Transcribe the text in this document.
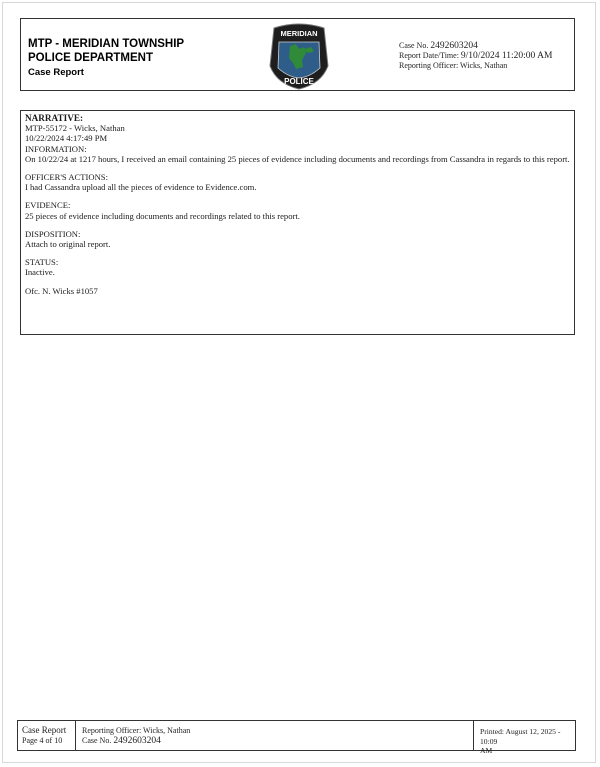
MTP - MERIDIAN TOWNSHIP
POLICE DEPARTMENT
Case Report
MERIDIAN
POLICE
Case No. 2492603204
Report Date/Time: 9/10/2024 11:20:00 AM
Reporting Officer: Wicks, Nathan
NARRATIVE:
MTP-55172 - Wicks, Nathan
10/22/2024 4:17:49 PM
INFORMATION:
On 10/22/24 at 1217 hours, I received an email containing 25 pieces of evidence including documents and recordings from Cassandra in regards to this report.
OFFICER'S ACTIONS:
I had Cassandra upload all the pieces of evidence to Evidence.com.
EVIDENCE:
25 pieces of evidence including documents and recordings related to this report.
DISPOSITION:
Attach to original report.
STATUS:
Inactive.
Ofc. N. Wicks #1057
Case Report
Page 4 of 10
Reporting Officer: Wicks, Nathan
Case No. 2492603204
Printed: August 12, 2025 - 10:09
AM
